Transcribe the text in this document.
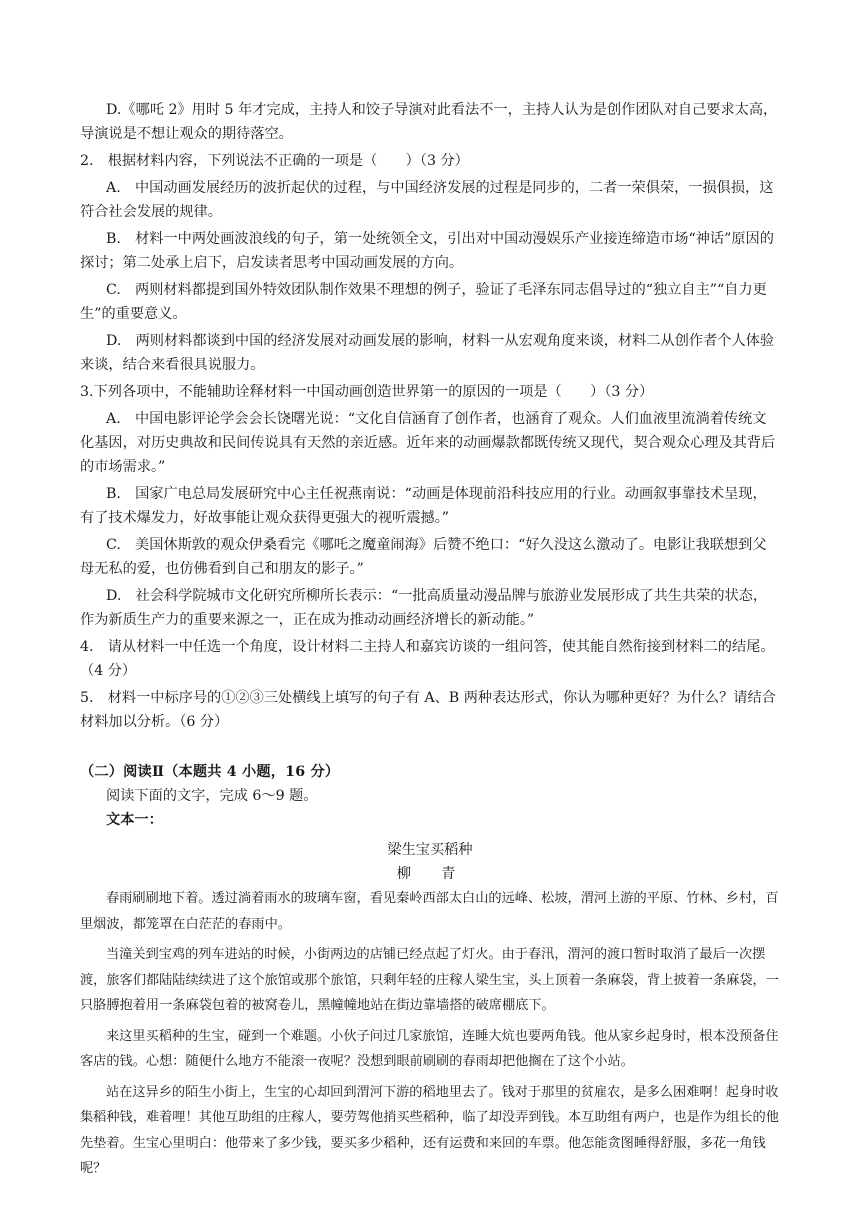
D.《哪吒 2》用时 5 年才完成，主持人和饺子导演对此看法不一，主持人认为是创作团队对自己要求太高，导演说是不想让观众的期待落空。

2.　根据材料内容，下列说法不正确的一项是（　　）（3 分）

A.　中国动画发展经历的波折起伏的过程，与中国经济发展的过程是同步的，二者一荣俱荣，一损俱损，这符合社会发展的规律。

B.　材料一中两处画波浪线的句子，第一处统领全文，引出对中国动漫娱乐产业接连缔造市场“神话”原因的探讨；第二处承上启下，启发读者思考中国动画发展的方向。

C.　两则材料都提到国外特效团队制作效果不理想的例子，验证了毛泽东同志倡导过的“独立自主”“自力更生”的重要意义。

D.　两则材料都谈到中国的经济发展对动画发展的影响，材料一从宏观角度来谈，材料二从创作者个人体验来谈，结合来看很具说服力。

3.下列各项中，不能辅助诠释材料一中国动画创造世界第一的原因的一项是（　　）（3 分）

A.　中国电影评论学会会长饶曙光说：“文化自信涵育了创作者，也涵育了观众。人们血液里流淌着传统文化基因，对历史典故和民间传说具有天然的亲近感。近年来的动画爆款都既传统又现代，契合观众心理及其背后的市场需求。”

B.　国家广电总局发展研究中心主任祝燕南说：“动画是体现前沿科技应用的行业。动画叙事靠技术呈现，有了技术爆发力，好故事能让观众获得更强大的视听震撼。”

C.　美国休斯敦的观众伊桑看完《哪吒之魔童闹海》后赞不绝口：“好久没这么激动了。电影让我联想到父母无私的爱，也仿佛看到自己和朋友的影子。”

D.　社会科学院城市文化研究所柳所长表示：“一批高质量动漫品牌与旅游业发展形成了共生共荣的状态，作为新质生产力的重要来源之一，正在成为推动动画经济增长的新动能。”

4.　请从材料一中任选一个角度，设计材料二主持人和嘉宾访谈的一组问答，使其能自然衔接到材料二的结尾。（4 分）

5.　材料一中标序号的①②③三处横线上填写的句子有 A、B 两种表达形式，你认为哪种更好？为什么？请结合材料加以分析。（6 分）

（二）阅读Ⅱ（本题共 4 小题，16 分）

阅读下面的文字，完成 6～9 题。

文本一：

梁生宝买稻种

柳　青

春雨刷刷地下着。透过淌着雨水的玻璃车窗，看见秦岭西部太白山的远峰、松坡，渭河上游的平原、竹林、乡村，百里烟波，都笼罩在白茫茫的春雨中。

当潼关到宝鸡的列车进站的时候，小街两边的店铺已经点起了灯火。由于春汛，渭河的渡口暂时取消了最后一次摆渡，旅客们都陆陆续续进了这个旅馆或那个旅馆，只剩年轻的庄稼人梁生宝，头上顶着一条麻袋，背上披着一条麻袋，一只胳膊抱着用一条麻袋包着的被窝卷儿，黑幢幢地站在街边靠墙搭的破席棚底下。

来这里买稻种的生宝，碰到一个难题。小伙子问过几家旅馆，连睡大炕也要两角钱。他从家乡起身时，根本没预备住客店的钱。心想：随便什么地方不能滚一夜呢？没想到眼前刷刷的春雨却把他搁在了这个小站。

站在这异乡的陌生小街上，生宝的心却回到渭河下游的稻地里去了。钱对于那里的贫雇农，是多么困难啊！起身时收集稻种钱，难着哩！其他互助组的庄稼人，要劳驾他捎买些稻种，临了却没弄到钱。本互助组有两户，也是作为组长的他先垫着。生宝心里明白：他带来了多少钱，要买多少稻种，还有运费和来回的车票。他怎能贪图睡得舒服，多花一角钱呢？
